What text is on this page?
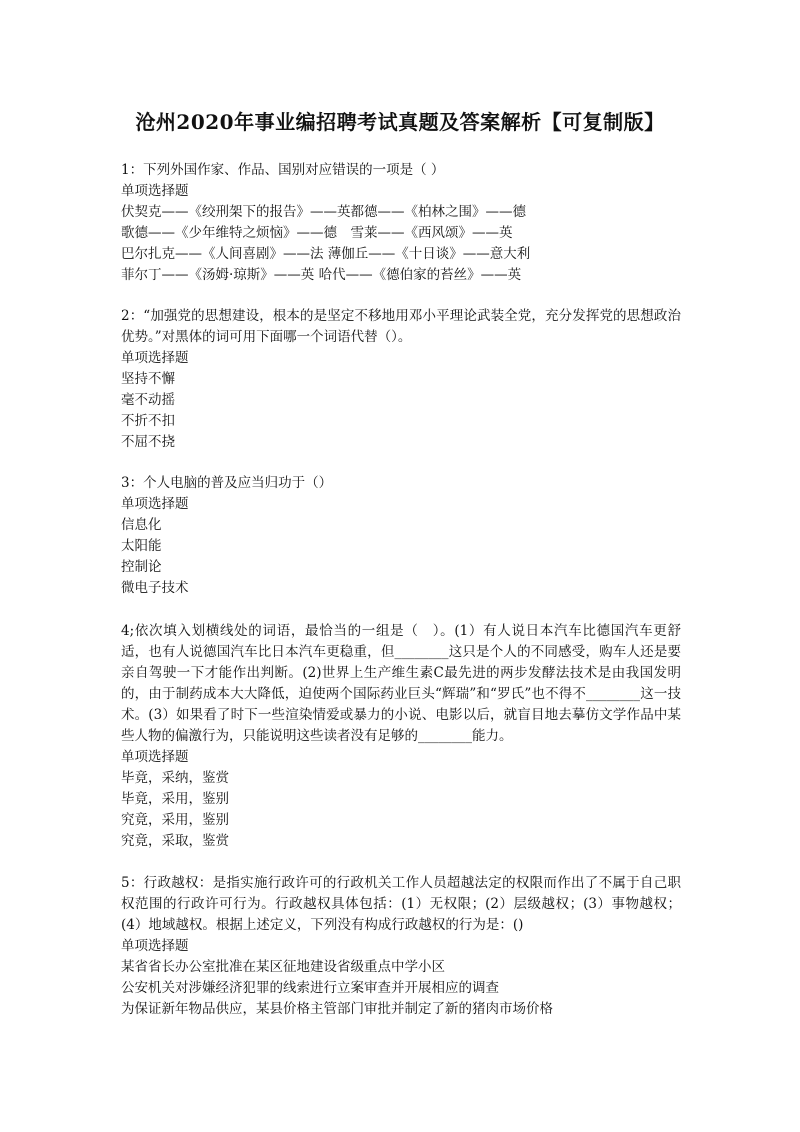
沧州2020年事业编招聘考试真题及答案解析【可复制版】
1：下列外国作家、作品、国别对应错误的一项是（ ）
单项选择题
伏契克——《绞刑架下的报告》——英都德——《柏林之围》——德
歌德——《少年维特之烦恼》——德　雪莱——《西风颂》——英
巴尔扎克——《人间喜剧》——法 薄伽丘——《十日谈》——意大利
菲尔丁——《汤姆·琼斯》——英 哈代——《德伯家的苔丝》——英
2：“加强党的思想建设，根本的是坚定不移地用邓小平理论武装全党，充分发挥党的思想政治优势。”对黑体的词可用下面哪一个词语代替（）。
单项选择题
坚持不懈
毫不动摇
不折不扣
不屈不挠
3：个人电脑的普及应当归功于（）
单项选择题
信息化
太阳能
控制论
微电子技术
4;依次填入划横线处的词语，最恰当的一组是（　）。(1）有人说日本汽车比德国汽车更舒适，也有人说德国汽车比日本汽车更稳重，但________这只是个人的不同感受，购车人还是要亲自驾驶一下才能作出判断。(2)世界上生产维生素C最先进的两步发酵法技术是由我国发明的，由于制药成本大大降低，迫使两个国际药业巨头“辉瑞”和“罗氏”也不得不________这一技术。(3）如果看了时下一些渲染情爱或暴力的小说、电影以后，就盲目地去摹仿文学作品中某些人物的偏激行为，只能说明这些读者没有足够的________能力。
单项选择题
毕竟，采纳，鉴赏
毕竟，采用，鉴别
究竟，采用，鉴别
究竟，采取，鉴赏
5：行政越权：是指实施行政许可的行政机关工作人员超越法定的权限而作出了不属于自己职权范围的行政许可行为。行政越权具体包括：(1）无权限；(2）层级越权；(3）事物越权；(4）地域越权。根据上述定义，下列没有构成行政越权的行为是：()
单项选择题
某省省长办公室批准在某区征地建设省级重点中学小区
公安机关对涉嫌经济犯罪的线索进行立案审查并开展相应的调查
为保证新年物品供应，某县价格主管部门审批并制定了新的猪肉市场价格
